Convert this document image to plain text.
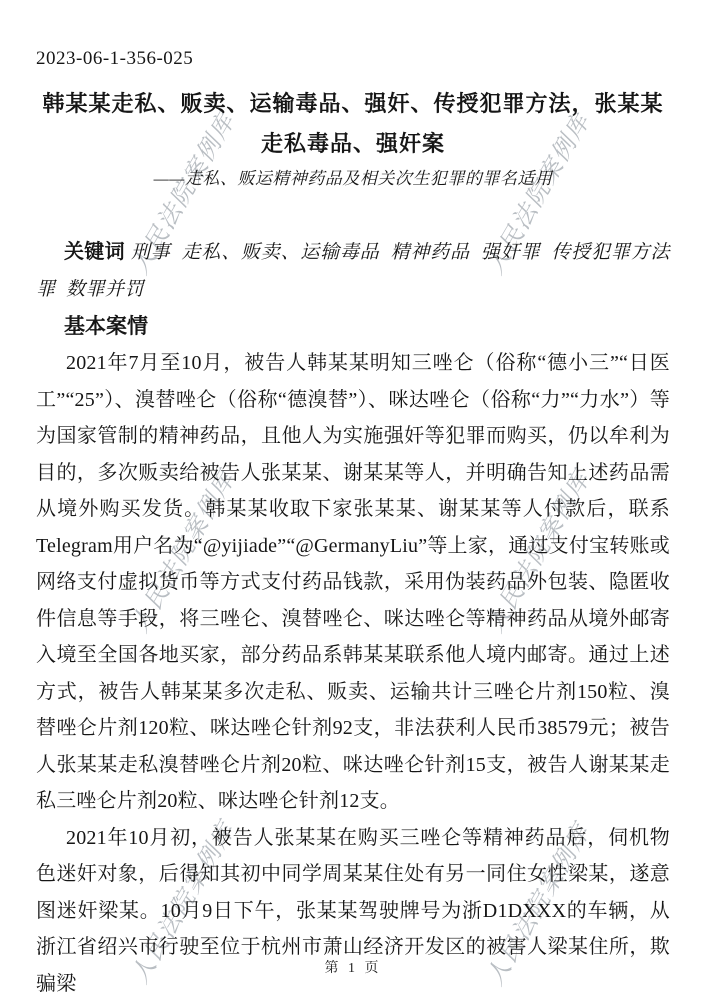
人民法院案例库	人民法院案例库
人民法院案例库	人民法院案例库
人民法院案例库	人民法院案例库
2023-06-1-356-025
韩某某走私、贩卖、运输毒品、强奸、传授犯罪方法，张某某走私毒品、强奸案
——走私、贩运精神药品及相关次生犯罪的罪名适用

关键词 刑事  走私、贩卖、运输毒品  精神药品  强奸罪  传授犯罪方法罪  数罪并罚

基本案情

2021年7月至10月，被告人韩某某明知三唑仑（俗称“德小三”“日医工”“25”）、溴替唑仑（俗称“德溴替”）、咪达唑仑（俗称“力”“力水”）等为国家管制的精神药品，且他人为实施强奸等犯罪而购买，仍以牟利为目的，多次贩卖给被告人张某某、谢某某等人，并明确告知上述药品需从境外购买发货。韩某某收取下家张某某、谢某某等人付款后，联系Telegram用户名为“@yijiade”“@GermanyLiu”等上家，通过支付宝转账或网络支付虚拟货币等方式支付药品钱款，采用伪装药品外包装、隐匿收件信息等手段，将三唑仑、溴替唑仑、咪达唑仑等精神药品从境外邮寄入境至全国各地买家，部分药品系韩某某联系他人境内邮寄。通过上述方式，被告人韩某某多次走私、贩卖、运输共计三唑仑片剂150粒、溴替唑仑片剂120粒、咪达唑仑针剂92支，非法获利人民币38579元；被告人张某某走私溴替唑仑片剂20粒、咪达唑仑针剂15支，被告人谢某某走私三唑仑片剂20粒、咪达唑仑针剂12支。

2021年10月初，被告人张某某在购买三唑仑等精神药品后，伺机物色迷奸对象，后得知其初中同学周某某住处有另一同住女性梁某，遂意图迷奸梁某。10月9日下午，张某某驾驶牌号为浙D1DXXX的车辆，从浙江省绍兴市行驶至位于杭州市萧山经济开发区的被害人梁某住所，欺骗梁

第 1 页
